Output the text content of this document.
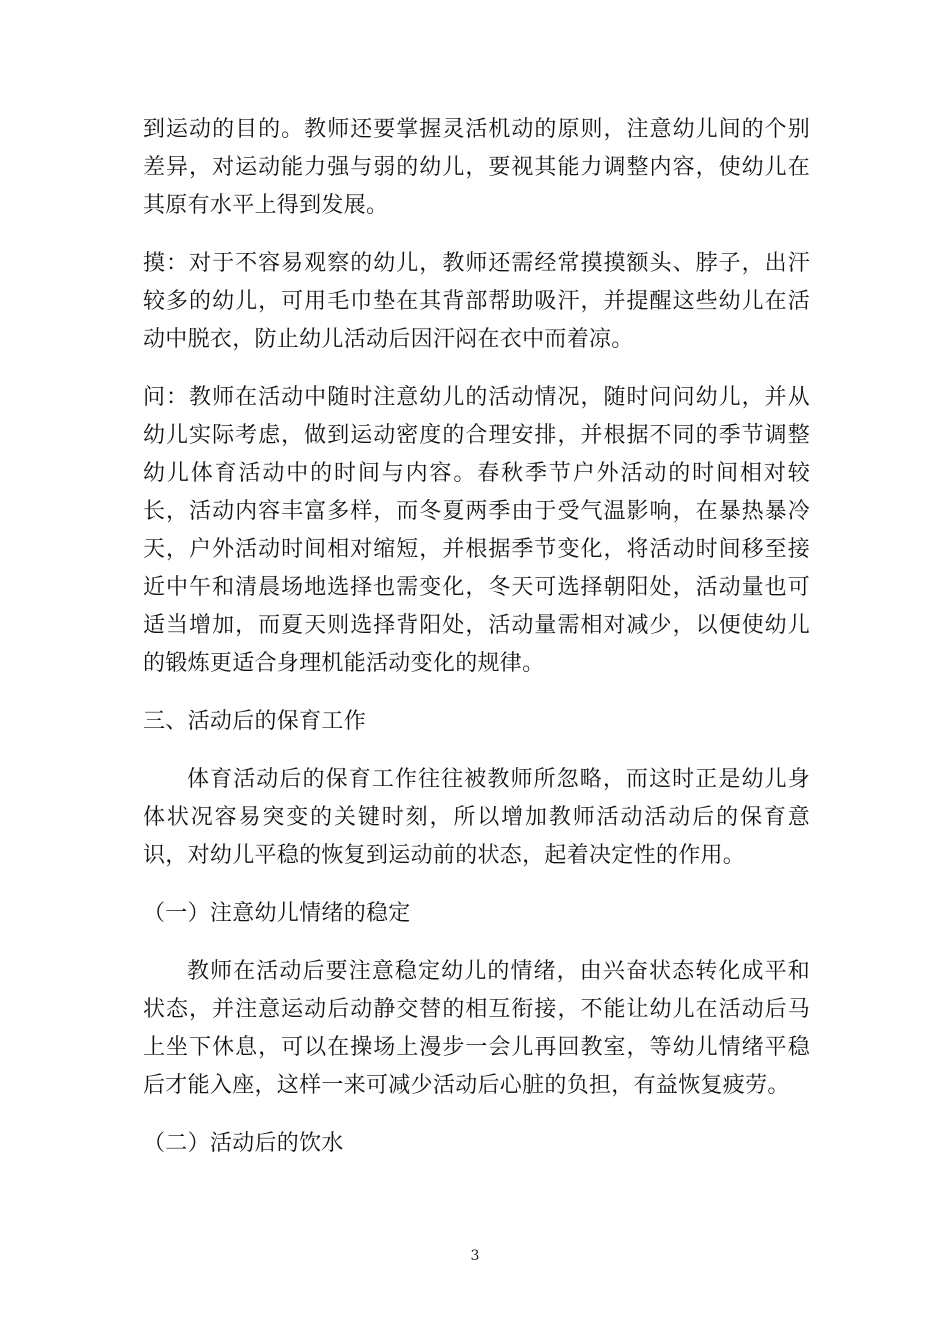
到运动的目的。教师还要掌握灵活机动的原则，注意幼儿间的个别差异，对运动能力强与弱的幼儿，要视其能力调整内容，使幼儿在其原有水平上得到发展。

摸：对于不容易观察的幼儿，教师还需经常摸摸额头、脖子，出汗较多的幼儿，可用毛巾垫在其背部帮助吸汗，并提醒这些幼儿在活动中脱衣，防止幼儿活动后因汗闷在衣中而着凉。

问：教师在活动中随时注意幼儿的活动情况，随时问问幼儿，并从幼儿实际考虑，做到运动密度的合理安排，并根据不同的季节调整幼儿体育活动中的时间与内容。春秋季节户外活动的时间相对较长，活动内容丰富多样，而冬夏两季由于受气温影响，在暴热暴冷天，户外活动时间相对缩短，并根据季节变化，将活动时间移至接近中午和清晨场地选择也需变化，冬天可选择朝阳处，活动量也可适当增加，而夏天则选择背阳处，活动量需相对减少，以便使幼儿的锻炼更适合身理机能活动变化的规律。

三、活动后的保育工作

体育活动后的保育工作往往被教师所忽略，而这时正是幼儿身体状况容易突变的关键时刻，所以增加教师活动活动后的保育意识，对幼儿平稳的恢复到运动前的状态，起着决定性的作用。

（一）注意幼儿情绪的稳定

教师在活动后要注意稳定幼儿的情绪，由兴奋状态转化成平和状态，并注意运动后动静交替的相互衔接，不能让幼儿在活动后马上坐下休息，可以在操场上漫步一会儿再回教室，等幼儿情绪平稳后才能入座，这样一来可减少活动后心脏的负担，有益恢复疲劳。

（二）活动后的饮水

3
